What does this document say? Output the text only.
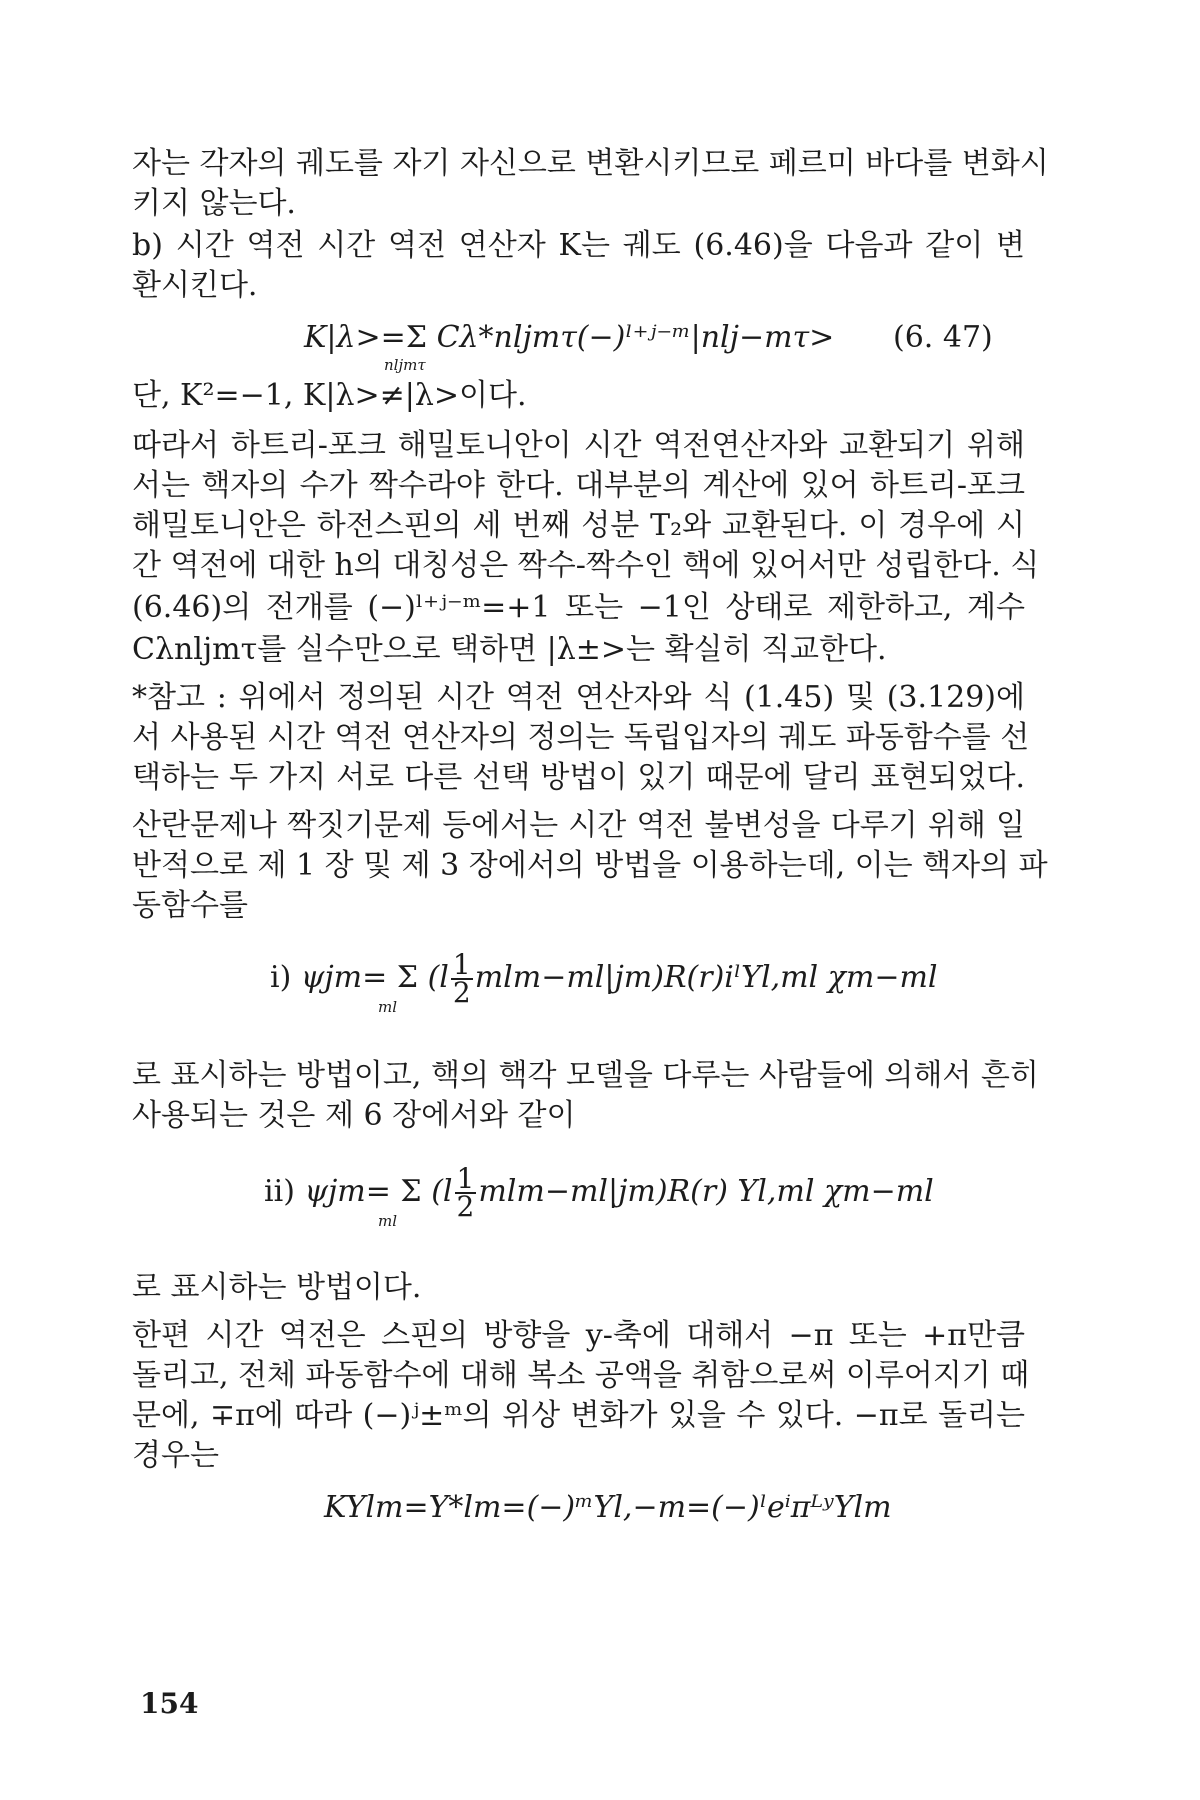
자는 각자의 궤도를 자기 자신으로 변환시키므로 페르미 바다를 변화시
키지 않는다.
b) 시간 역전 시간 역전 연산자 K는 궤도 (6.46)을 다음과 같이 변
환시킨다.
K|λ>=Σ Cλ*nljmτ(−)ˡ⁺ʲ⁻ᵐ|nlj−mτ>
nljmτ
(6. 47)
단, K²=−1, K|λ>≠|λ>이다.
따라서 하트리-포크 해밀토니안이 시간 역전연산자와 교환되기 위해
서는 핵자의 수가 짝수라야 한다. 대부분의 계산에 있어 하트리-포크
해밀토니안은 하전스핀의 세 번째 성분 T₂와 교환된다. 이 경우에 시
간 역전에 대한 h의 대칭성은 짝수-짝수인 핵에 있어서만 성립한다. 식
(6.46)의 전개를 (−)ˡ⁺ʲ⁻ᵐ=+1 또는 −1인 상태로 제한하고, 계수
Cλnljmτ를 실수만으로 택하면 |λ±>는 확실히 직교한다.
*참고 : 위에서 정의된 시간 역전 연산자와 식 (1.45) 및 (3.129)에
서 사용된 시간 역전 연산자의 정의는 독립입자의 궤도 파동함수를 선
택하는 두 가지 서로 다른 선택 방법이 있기 때문에 달리 표현되었다.
산란문제나 짝짓기문제 등에서는 시간 역전 불변성을 다루기 위해 일
반적으로 제 1 장 및 제 3 장에서의 방법을 이용하는데, 이는 핵자의 파
동함수를
i) ψjm= Σ ($l \frac{1}{2}$ mlm−ml|jm)R(r)iˡYl,ml χm−ml
ml
로 표시하는 방법이고, 핵의 핵각 모델을 다루는 사람들에 의해서 흔히
사용되는 것은 제 6 장에서와 같이
ii) ψjm= Σ $(l \frac{1}{2} mlm-ml|jm)R(r)$ Yl,ml χm−ml
ml
로 표시하는 방법이다.
한편 시간 역전은 스핀의 방향을 y-축에 대해서 −π 또는 +π만큼
돌리고, 전체 파동함수에 대해 복소 공액을 취함으로써 이루어지기 때
문에, ∓π에 따라 (−)ʲ±ᵐ의 위상 변화가 있을 수 있다. −π로 돌리는
경우는
KYlm=Y*lm=(−)ᵐYl,−m=(−)ˡeⁱπᴸʸYlm
154
